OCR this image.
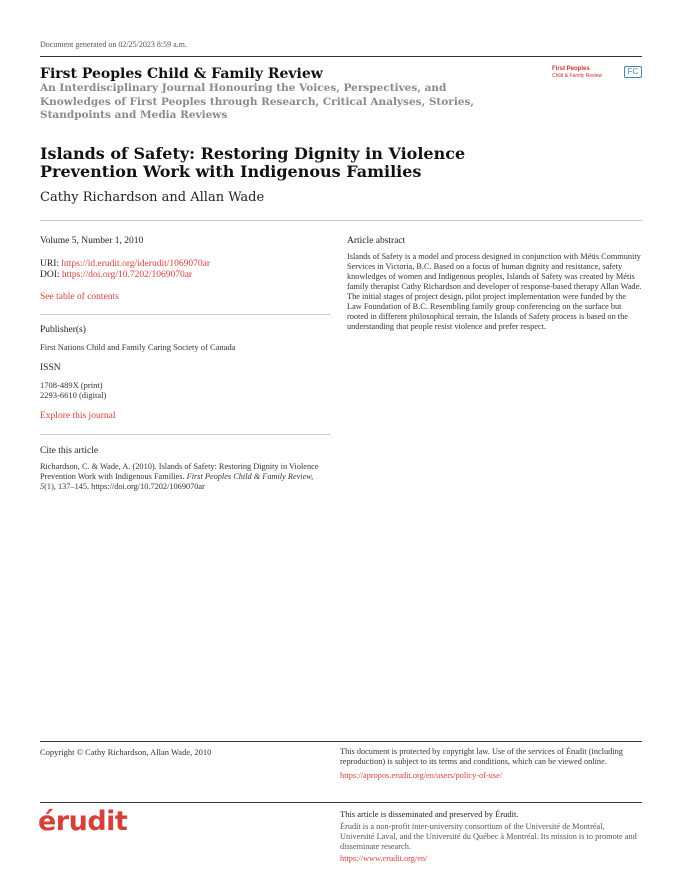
Document generated on 02/25/2023 8:59 a.m.
First Peoples Child & Family Review
An Interdisciplinary Journal Honouring the Voices, Perspectives, and Knowledges of First Peoples through Research, Critical Analyses, Stories, Standpoints and Media Reviews
First Peoples
Child & Family Review	FC
Islands of Safety: Restoring Dignity in Violence Prevention Work with Indigenous Families
Cathy Richardson and Allan Wade
Volume 5, Number 1, 2010
URI: https://id.erudit.org/iderudit/1069070ar
DOI: https://doi.org/10.7202/1069070ar
See table of contents
Publisher(s)
First Nations Child and Family Caring Society of Canada
ISSN
1708-489X (print)
2293-6610 (digital)
Explore this journal
Cite this article
Richardson, C. & Wade, A. (2010). Islands of Safety: Restoring Dignity in Violence Prevention Work with Indigenous Families. First Peoples Child & Family Review, 5(1), 137–145. https://doi.org/10.7202/1069070ar
Article abstract
Islands of Safety is a model and process designed in conjunction with Métis Community Services in Victoria, B.C. Based on a focus of human dignity and resistance, safety knowledges of women and Indigenous peoples, Islands of Safety was created by Métis family therapist Cathy Richardson and developer of response-based therapy Allan Wade. The initial stages of project design, pilot project implementation were funded by the Law Foundation of B.C. Resembling family group conferencing on the surface but rooted in different philosophical terrain, the Islands of Safety process is based on the understanding that people resist violence and prefer respect.
Copyright © Cathy Richardson, Allan Wade, 2010	This document is protected by copyright law. Use of the services of Érudit (including reproduction) is subject to its terms and conditions, which can be viewed online.
https://apropos.erudit.org/en/users/policy-of-use/
érudit	This article is disseminated and preserved by Érudit.
Érudit is a non-profit inter-university consortium of the Université de Montréal, Université Laval, and the Université du Québec à Montréal. Its mission is to promote and disseminate research.
https://www.erudit.org/en/
